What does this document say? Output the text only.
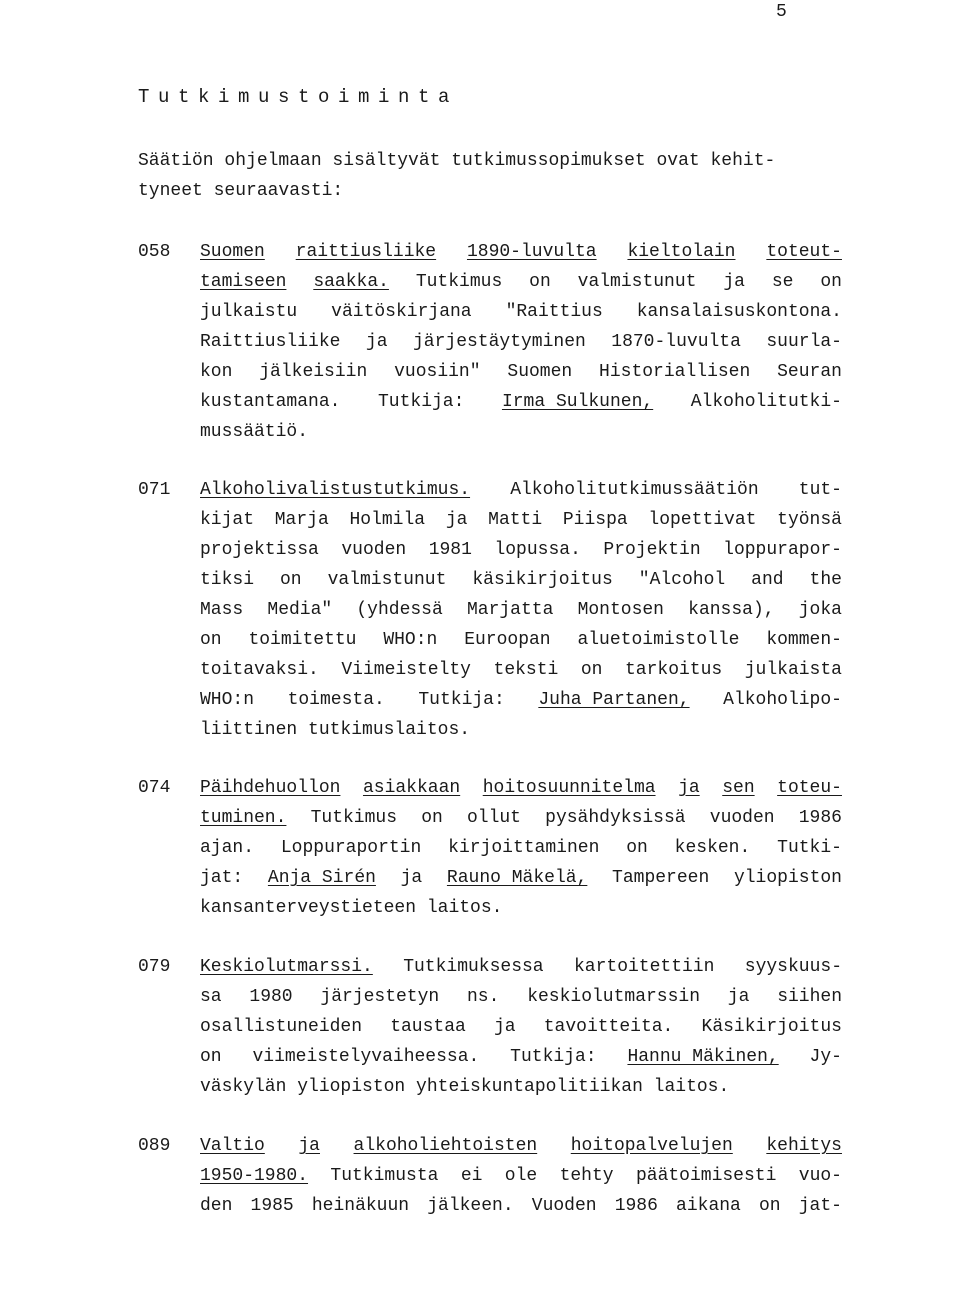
5
Tutkimustoiminta
Säätiön ohjelmaan sisältyvät tutkimussopimukset ovat kehit-
tyneet seuraavasti:
058 Suomen raittiusliike 1890-luvulta kieltolain toteut-
tamiseen saakka. Tutkimus on valmistunut ja se on
julkaistu väitöskirjana "Raittius kansalaisuskontona.
Raittiusliike ja järjestäytyminen 1870-luvulta suurla-
kon jälkeisiin vuosiin" Suomen Historiallisen Seuran
kustantamana. Tutkija: Irma Sulkunen, Alkoholitutki-
mussäätiö.
071 Alkoholivalistustutkimus. Alkoholitutkimussäätiön tut-
kijat Marja Holmila ja Matti Piispa lopettivat työnsä
projektissa vuoden 1981 lopussa. Projektin loppurapor-
tiksi on valmistunut käsikirjoitus "Alcohol and the
Mass Media" (yhdessä Marjatta Montosen kanssa), joka
on toimitettu WHO:n Euroopan aluetoimistolle kommen-
toitavaksi. Viimeistelty teksti on tarkoitus julkaista
WHO:n toimesta. Tutkija: Juha Partanen, Alkoholipo-
liittinen tutkimuslaitos.
074 Päihdehuollon asiakkaan hoitosuunnitelma ja sen toteu-
tuminen. Tutkimus on ollut pysähdyksissä vuoden 1986
ajan. Loppuraportin kirjoittaminen on kesken. Tutki-
jat: Anja Sirén ja Rauno Mäkelä, Tampereen yliopiston
kansanterveystieteen laitos.
079 Keskiolutmarssi. Tutkimuksessa kartoitettiin syyskuus-
sa 1980 järjestetyn ns. keskiolutmarssin ja siihen
osallistuneiden taustaa ja tavoitteita. Käsikirjoitus
on viimeistelyvaiheessa. Tutkija: Hannu Mäkinen, Jy-
väskylän yliopiston yhteiskuntapolitiikan laitos.
089 Valtio ja alkoholiehtoisten hoitopalvelujen kehitys
1950-1980. Tutkimusta ei ole tehty päätoimisesti vuo-
den 1985 heinäkuun jälkeen. Vuoden 1986 aikana on jat-
